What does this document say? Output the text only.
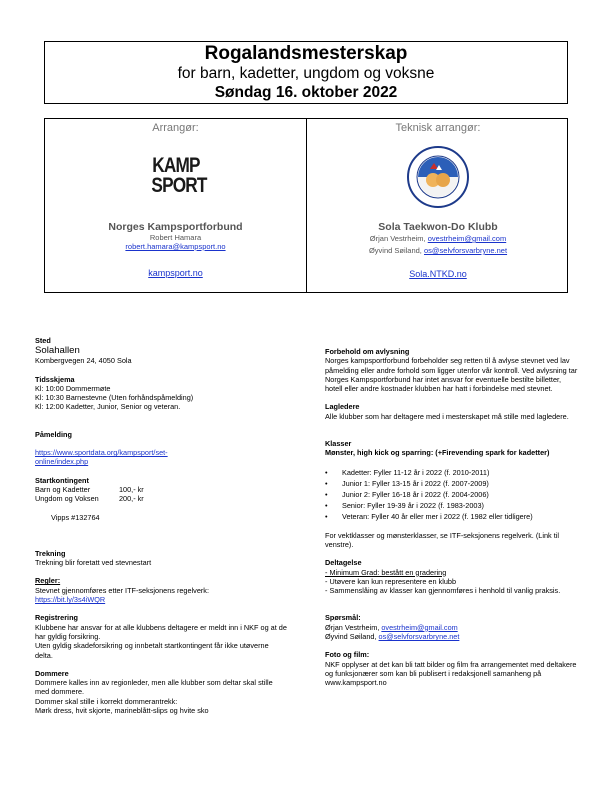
Rogalandsmesterskap
for barn, kadetter, ungdom og voksne
Søndag 16. oktober 2022
Arrangør:
KAMP
SPORT
Norges Kampsportforbund
Robert Hamara
robert.hamara@kampsport.no
kampsport.no
Teknisk arrangør:
Sola Taekwon-Do Klubb
Ørjan Vestrheim, ovestrheim@gmail.com
Øyvind Søiland, os@selvforsvarbryne.net
Sola.NTKD.no
Sted
Solahallen
Kombergvegen 24, 4050 Sola
Tidsskjema
Kl: 10:00 Dommermøte
Kl: 10:30 Barnestevne (Uten forhåndspåmelding)
Kl: 12:00 Kadetter, Junior, Senior og veteran.
Påmelding
https://www.sportdata.org/kampsport/set-
online/index.php
Startkontingent
Barn og Kadetter	100,- kr
Ungdom og Voksen	200,- kr
Vipps #132764
Trekning
Trekning blir foretatt ved stevnestart
Regler:
Stevnet gjennomføres etter ITF-seksjonens regelverk:
https://bit.ly/3s4iWQR
Registrering
Klubbene har ansvar for at alle klubbens deltagere er meldt inn i NKF og at de har gyldig forsikring.
Uten gyldig skadeforsikring og innbetalt startkontingent får ikke utøverne delta.
Dommere
Dommere kalles inn av regionleder, men alle klubber som deltar skal stille med dommere.
Dommer skal stille i korrekt dommerantrekk:
Mørk dress, hvit skjorte, marineblått-slips og hvite sko
Forbehold om avlysning
Norges kampsportforbund forbeholder seg retten til å avlyse stevnet ved lav påmelding eller andre forhold som ligger utenfor vår kontroll. Ved avlysning tar Norges Kampsportforbund har intet ansvar for eventuelle bestilte billetter, hotell eller andre kostnader klubben har hatt i forbindelse med stevnet.
Lagledere
Alle klubber som har deltagere med i mesterskapet må stille med lagledere.
Klasser
Mønster, high kick og sparring: (+Firevending spark for kadetter)
• Kadetter: Fyller 11-12 år i 2022 (f. 2010-2011)
• Junior 1: Fyller 13-15 år i 2022 (f. 2007-2009)
• Junior 2: Fyller 16-18 år i 2022 (f. 2004-2006)
• Senior: Fyller 19-39 år i 2022 (f. 1983-2003)
• Veteran: Fyller 40 år eller mer i 2022 (f. 1982 eller tidligere)
For vektklasser og mønsterklasser, se ITF-seksjonens regelverk. (Link til venstre).
Deltagelse
- Minimum Grad: bestått en gradering
- Utøvere kan kun representere en klubb
- Sammenslåing av klasser kan gjennomføres i henhold til vanlig praksis.
Spørsmål:
Ørjan Vestrheim, ovestrheim@gmail.com
Øyvind Søiland, os@selvforsvarbryne.net
Foto og film:
NKF opplyser at det kan bli tatt bilder og film fra arrangementet med deltakere og funksjonærer som kan bli publisert i redaksjonell samanheng på www.kampsport.no
